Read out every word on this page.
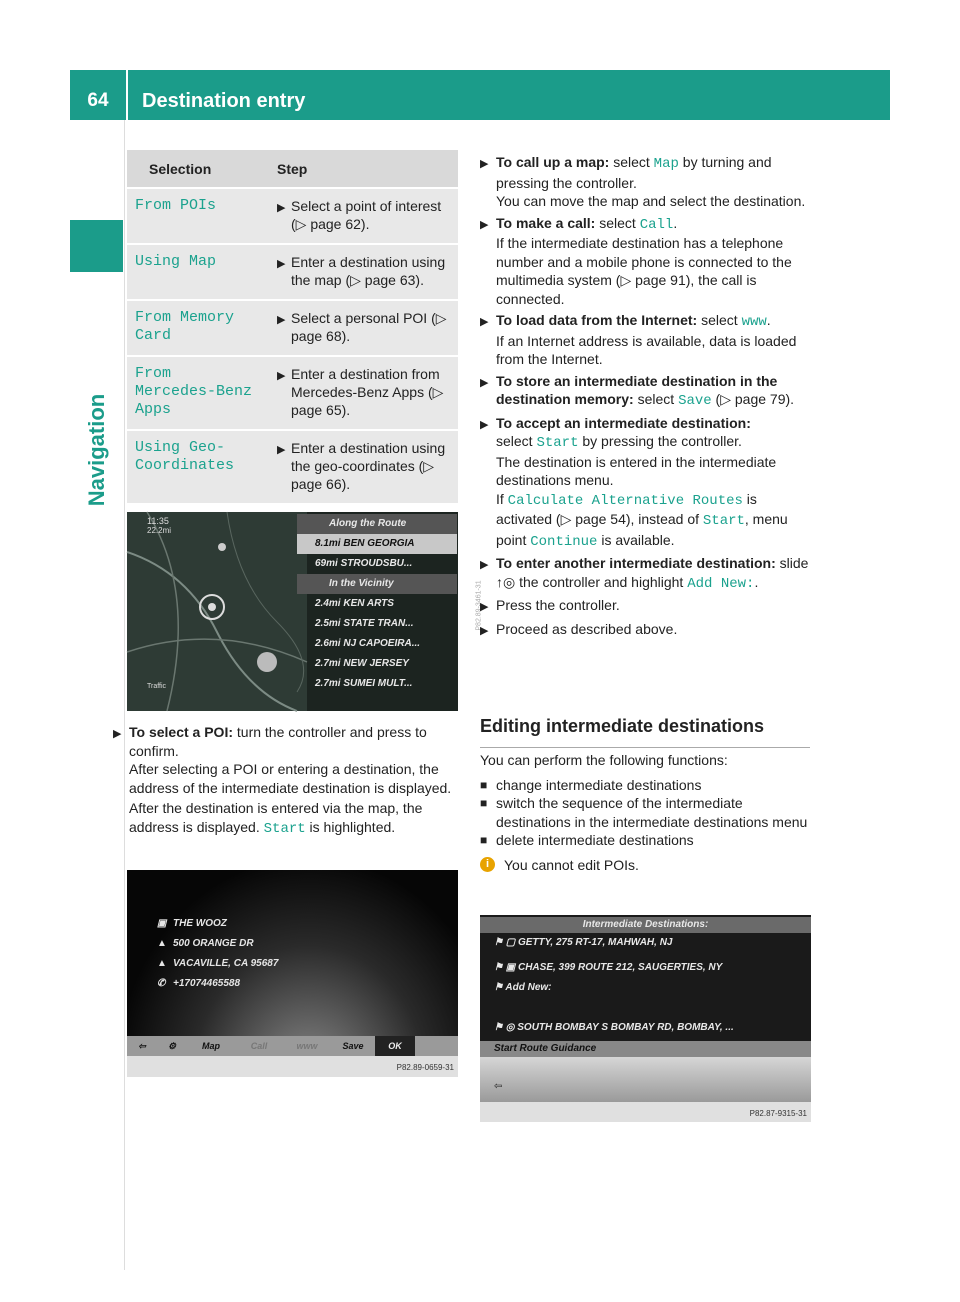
64	Destination entry
Navigation
Selection	Step
From POIs	▶ Select a point of interest (▷ page 62).

Using Map	▶ Enter a destination using the map (▷ page 63).

From Memory Card	▶ Select a personal POI (▷ page 68).

From Mercedes-Benz Apps	▶ Enter a destination from Mercedes-Benz Apps (▷ page 65).

Using Geo-Coordinates	▶ Enter a destination using the geo-coordinates (▷ page 66).
11:35
22.2mi
Traffic
Along the Route
8.1mi BEN GEORGIA
69mi STROUDSBU...
In the Vicinity
2.4mi KEN ARTS
2.5mi STATE TRAN...
2.6mi NJ CAPOEIRA...
2.7mi NEW JERSEY
2.7mi SUMEI MULT...
P82.89-3461-31
▶ To select a POI: turn the controller and press to confirm.

After selecting a POI or entering a destination, the address of the intermediate destination is displayed.

After the destination is entered via the map, the address is displayed. Start is highlighted.

▣ THE WOOZ
▲ 500 ORANGE DR
▲ VACAVILLE, CA 95687
✆ +17074465588
⇦	⚙	Map	Call	www	Save	OK
P82.89-0659-31
▶ To call up a map: select Map by turning and pressing the controller.

You can move the map and select the destination.

▶ To make a call: select Call.

If the intermediate destination has a telephone number and a mobile phone is connected to the multimedia system (▷ page 91), the call is connected.

▶ To load data from the Internet: select www.

If an Internet address is available, data is loaded from the Internet.

▶ To store an intermediate destination in the destination memory: select Save (▷ page 79).

▶ To accept an intermediate destination:

select Start by pressing the controller.

The destination is entered in the intermediate destinations menu.

If Calculate Alternative Routes is activated (▷ page 54), instead of Start, menu point Continue is available.

▶ To enter another intermediate destination: slide ↑◎ the controller and highlight Add New:.

▶ Press the controller.
▶ Proceed as described above.
Editing intermediate destinations

You can perform the following functions:

■ change intermediate destinations
■ switch the sequence of the intermediate destinations in the intermediate destinations menu
■ delete intermediate destinations
i	You cannot edit POIs.
Intermediate Destinations:
⚑ ▢ GETTY, 275 RT-17, MAHWAH, NJ
⚑ ▣ CHASE, 399 ROUTE 212, SAUGERTIES, NY
⚑ Add New:
⚑ ◎ SOUTH BOMBAY S BOMBAY RD, BOMBAY, ...
Start Route Guidance
⇦
P82.87-9315-31
